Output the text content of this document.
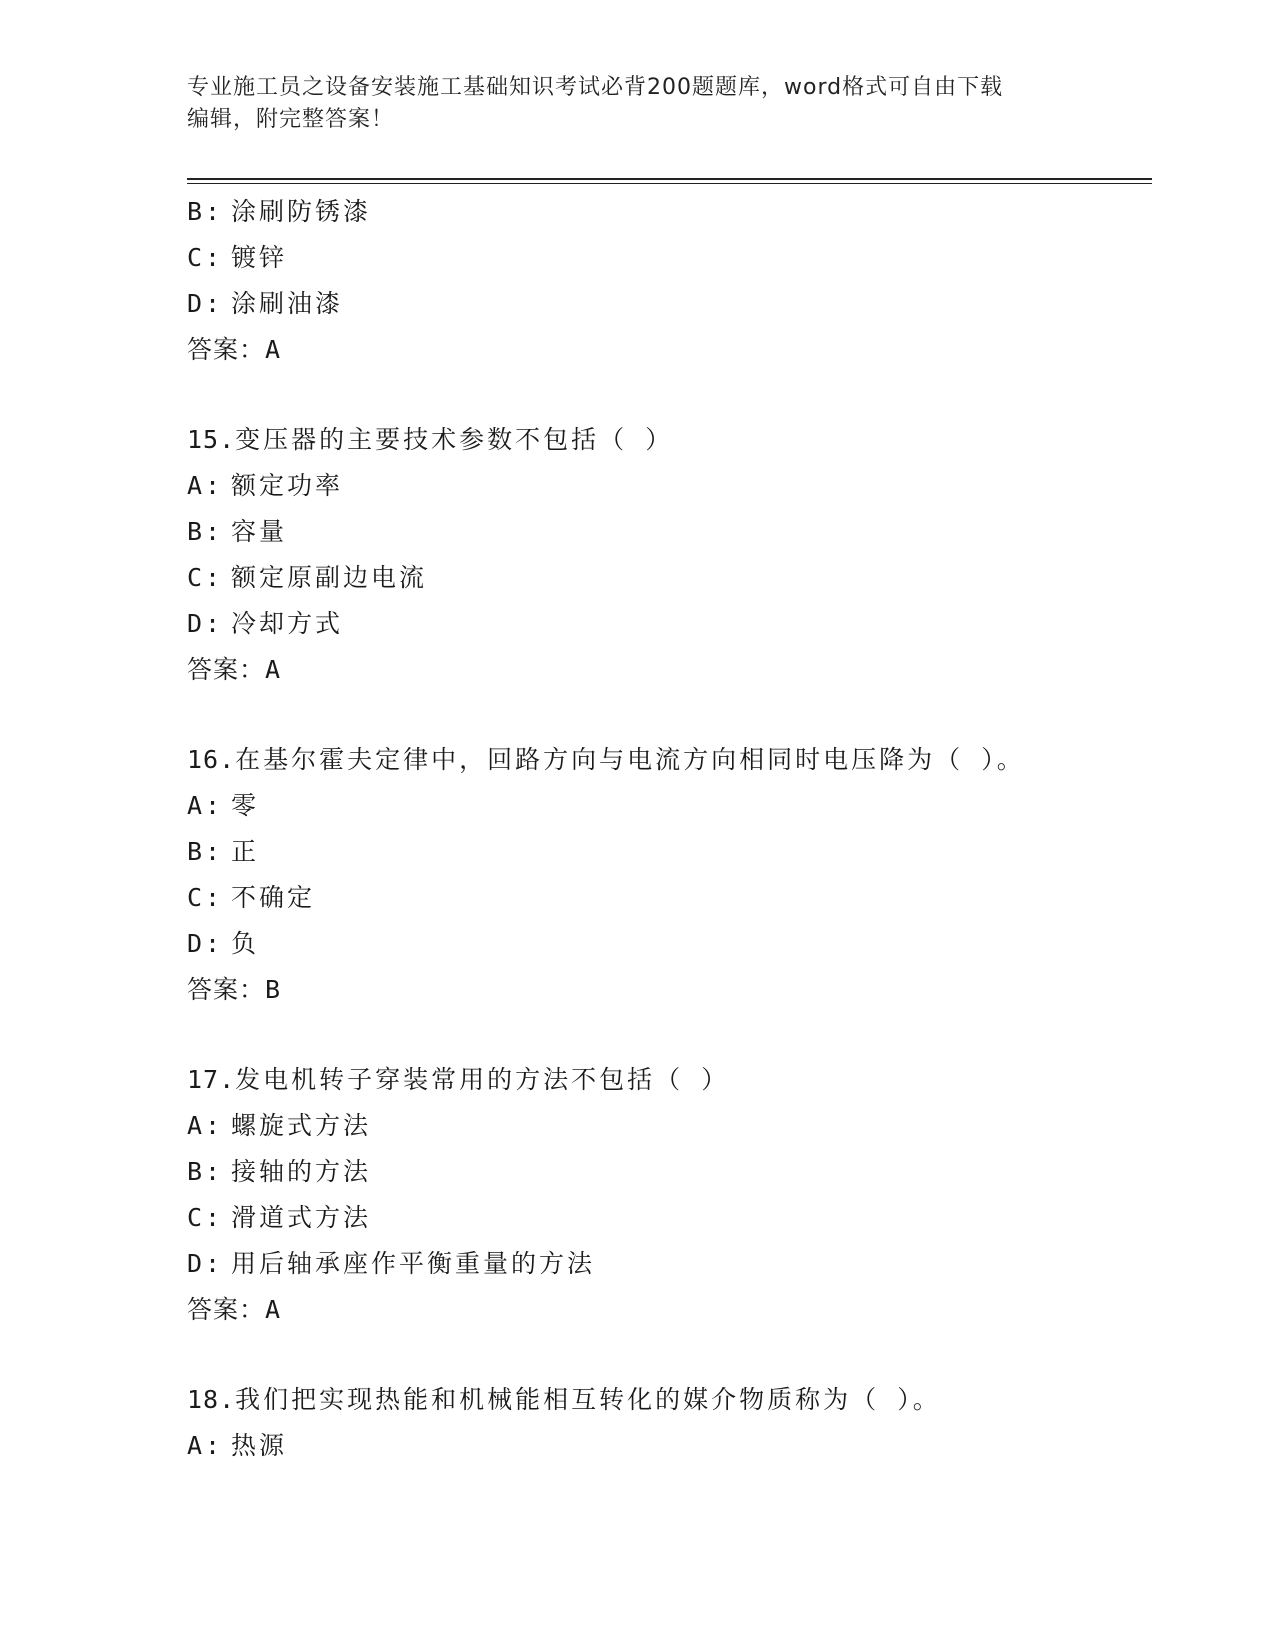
专业施工员之设备安装施工基础知识考试必背200题题库，word格式可自由下载
编辑，附完整答案！
B: 涂刷防锈漆
C: 镀锌
D: 涂刷油漆
答案：A
15.变压器的主要技术参数不包括（ ）
A: 额定功率
B: 容量
C: 额定原副边电流
D: 冷却方式
答案：A
16.在基尔霍夫定律中，回路方向与电流方向相同时电压降为（ ）。
A: 零
B: 正
C: 不确定
D: 负
答案：B
17.发电机转子穿装常用的方法不包括（ ）
A: 螺旋式方法
B: 接轴的方法
C: 滑道式方法
D: 用后轴承座作平衡重量的方法
答案：A
18.我们把实现热能和机械能相互转化的媒介物质称为（ ）。
A: 热源
